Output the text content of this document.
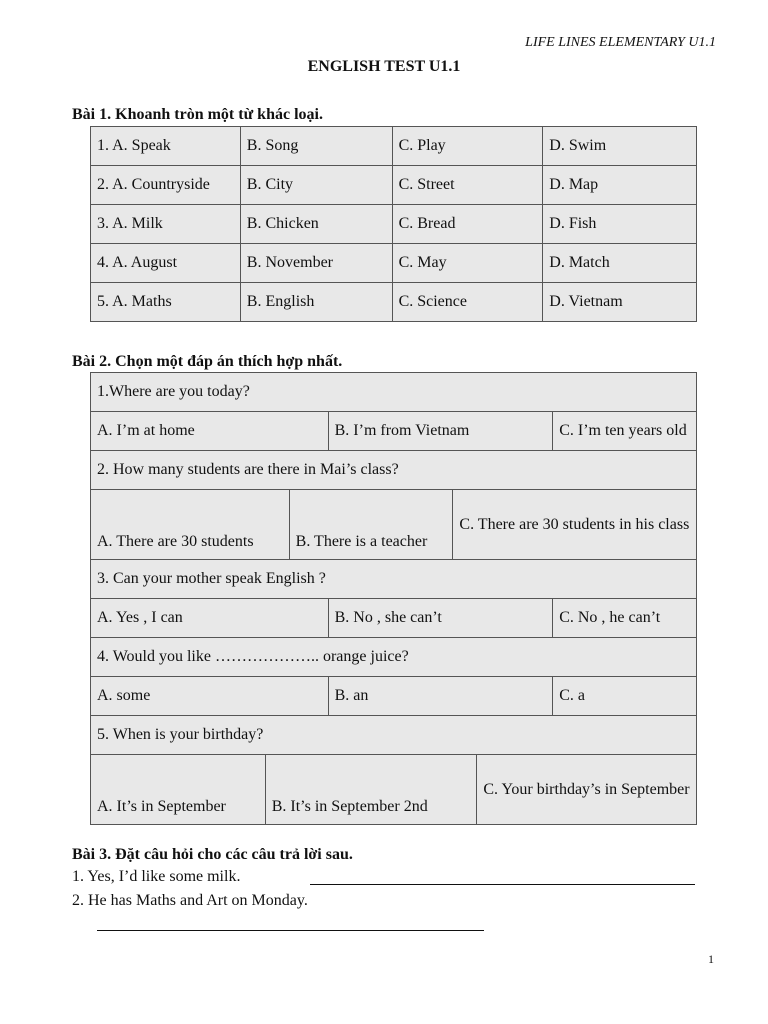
LIFE LINES ELEMENTARY U1.1
ENGLISH TEST U1.1
Bài 1. Khoanh tròn một từ khác loại.
1. A. Speak	B. Song	C. Play	D. Swim
2. A. Countryside	B. City	C. Street	D. Map
3. A. Milk	B. Chicken	C. Bread	D. Fish
4. A. August	B. November	C. May	D. Match
5. A. Maths	B. English	C. Science	D. Vietnam
Bài 2. Chọn một đáp án thích hợp nhất.
1.Where are you today?						
A. I’m at home			B. I’m from Vietnam			C. I’m ten years old
2. How many students are there in Mai’s class?						
A. There are 30 students		B. There is a teacher		C. There are 30 students in his class		
3. Can your mother speak English ?						
A. Yes , I can			B. No , she can’t			C. No , he can’t
4. Would you like ……………….. orange juice?						
A. some			B. an			C. a
5. When is your birthday?						
A. It’s in September	B. It’s in September 2nd				C. Your birthday’s in September	
Bài 3. Đặt câu hỏi cho các câu trả lời sau.
1. Yes, I’d like some milk.
2. He has Maths and Art on Monday.
1
